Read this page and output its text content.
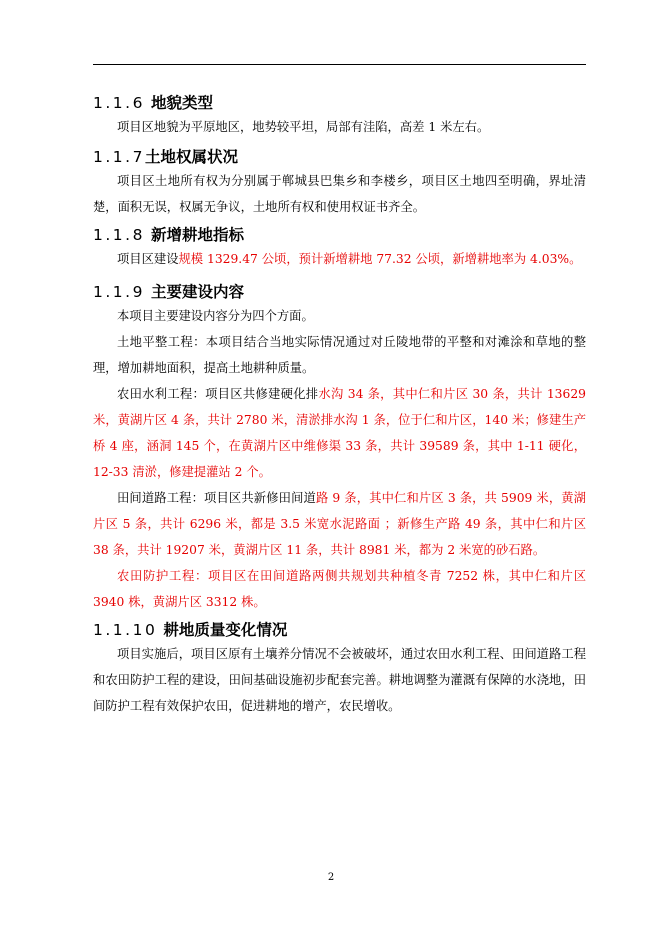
1.1.6 地貌类型

项目区地貌为平原地区，地势较平坦，局部有洼陷，高差 1 米左右。

1.1.7土地权属状况

项目区土地所有权为分别属于郸城县巴集乡和李楼乡，项目区土地四至明确，界址清楚，面积无误，权属无争议，土地所有权和使用权证书齐全。

1.1.8 新增耕地指标

项目区建设规模 1329.47 公顷，预计新增耕地 77.32 公顷，新增耕地率为 4.03%。

1.1.9 主要建设内容

本项目主要建设内容分为四个方面。

土地平整工程：本项目结合当地实际情况通过对丘陵地带的平整和对滩涂和草地的整理，增加耕地面积，提高土地耕种质量。

农田水利工程：项目区共修建硬化排水沟 34 条，其中仁和片区 30 条，共计 13629 米，黄湖片区 4 条，共计 2780 米，清淤排水沟 1 条，位于仁和片区，140 米；修建生产桥 4 座，涵洞 145 个，在黄湖片区中维修渠 33 条，共计 39589 条，其中 1-11 硬化，12-33 清淤，修建提灌站 2 个。

田间道路工程：项目区共新修田间道路 9 条，其中仁和片区 3 条，共 5909 米，黄湖片区 5 条，共计 6296 米，都是 3.5 米宽水泥路面 ；新修生产路 49 条，其中仁和片区 38 条，共计 19207 米，黄湖片区 11 条，共计 8981 米，都为 2 米宽的砂石路。

农田防护工程：项目区在田间道路两侧共规划共种植冬青 7252 株，其中仁和片区 3940 株，黄湖片区 3312 株。

1.1.10 耕地质量变化情况

项目实施后，项目区原有土壤养分情况不会被破坏，通过农田水利工程、田间道路工程和农田防护工程的建设，田间基础设施初步配套完善。耕地调整为灌溉有保障的水浇地，田间防护工程有效保护农田，促进耕地的增产，农民增收。

2
